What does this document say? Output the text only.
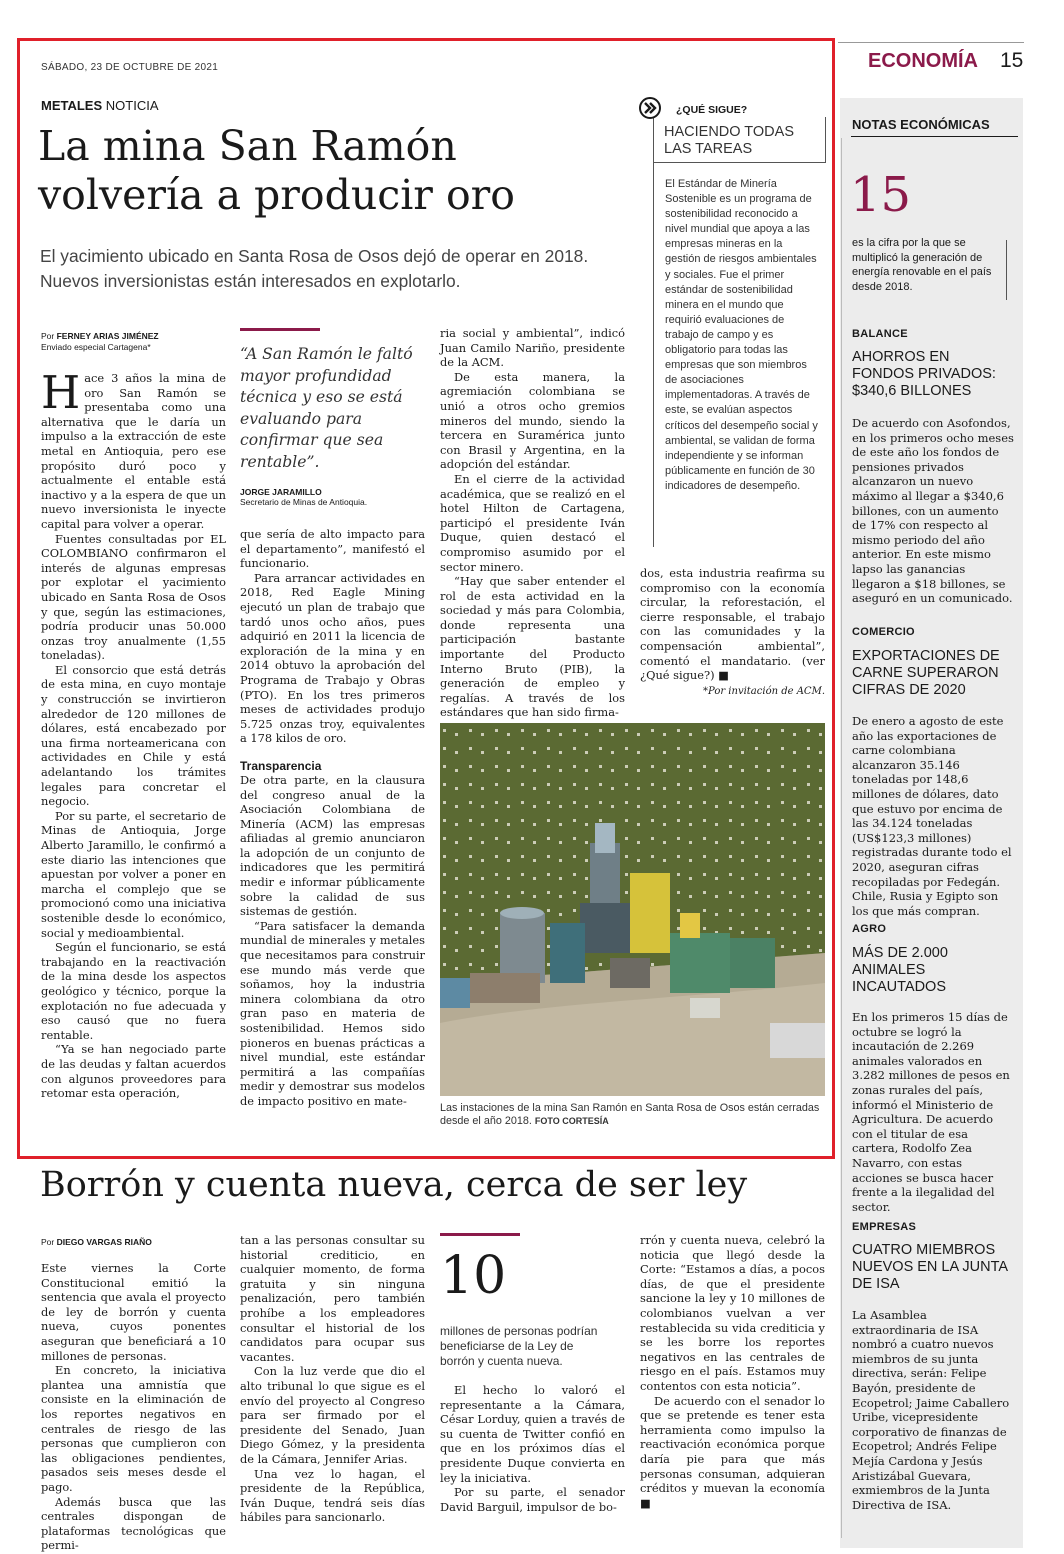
ECONOMÍA 15
SÁBADO, 23 DE OCTUBRE DE 2021
METALES NOTICIA
La mina San Ramón
volvería a producir oro
El yacimiento ubicado en Santa Rosa de Osos dejó de operar en 2018. Nuevos inversionistas están interesados en explotarlo.
Por FERNEY ARIAS JIMÉNEZ
Enviado especial Cartagena*
H ace 3 años la mina de oro San Ramón se presentaba como una alternativa que le daría un impulso a la extracción de este metal en Antioquia, pero ese propósito duró poco y actualmente el entable está inactivo y a la espera de que un nuevo inversionista le inyecte capital para volver a operar.

Fuentes consultadas por EL COLOMBIANO confirmaron el interés de algunas empresas por explotar el yacimiento ubicado en Santa Rosa de Osos y que, según las estimaciones, podría producir unas 50.000 onzas troy anualmente (1,55 toneladas).

El consorcio que está detrás de esta mina, en cuyo montaje y construcción se invirtieron alrededor de 120 millones de dólares, está encabezado por una firma norteamericana con actividades en Chile y está adelantando los trámites legales para concretar el negocio.

Por su parte, el secretario de Minas de Antioquia, Jorge Alberto Jaramillo, le confirmó a este diario las intenciones que apuestan por volver a poner en marcha el complejo que se promocionó como una iniciativa sostenible desde lo económico, social y medioambiental.

Según el funcionario, se está trabajando en la reactivación de la mina desde los aspectos geológico y técnico, porque la explotación no fue adecuada y eso causó que no fuera rentable.

“Ya se han negociado parte de las deudas y faltan acuerdos con algunos proveedores para retomar esta operación,

“A San Ramón le faltó mayor profundidad técnica y eso se está evaluando para confirmar que sea rentable”.
JORGE JARAMILLO
Secretario de Minas de Antioquia.

que sería de alto impacto para el departamento”, manifestó el funcionario.

Para arrancar actividades en 2018, Red Eagle Mining ejecutó un plan de trabajo que tardó unos ocho años, pues adquirió en 2011 la licencia de exploración de la mina y en 2014 obtuvo la aprobación del Programa de Trabajo y Obras (PTO). En los tres primeros meses de actividades produjo 5.725 onzas troy, equivalentes a 178 kilos de oro.

Transparencia

De otra parte, en la clausura del congreso anual de la Asociación Colombiana de Minería (ACM) las empresas afiliadas al gremio anunciaron la adopción de un conjunto de indicadores que les permitirá medir e informar públicamente sobre la calidad de sus sistemas de gestión.

“Para satisfacer la demanda mundial de minerales y metales que necesitamos para construir ese mundo más verde que soñamos, hoy la industria minera colombiana da otro gran paso en materia de sostenibilidad. Hemos sido pioneros en buenas prácticas a nivel mundial, este estándar permitirá a las compañías medir y demostrar sus modelos de impacto positivo en mate-

ria social y ambiental”, indicó Juan Camilo Nariño, presidente de la ACM.

De esta manera, la agremiación colombiana se unió a otros ocho gremios mineros del mundo, siendo la tercera en Suramérica junto con Brasil y Argentina, en la adopción del estándar.

En el cierre de la actividad académica, que se realizó en el hotel Hilton de Cartagena, participó el presidente Iván Duque, quien destacó el compromiso asumido por el sector minero.

“Hay que saber entender el rol de esta actividad en la sociedad y más para Colombia, donde representa una participación bastante importante del Producto Interno Bruto (PIB), la generación de empleo y regalías. A través de los estándares que han sido firma-

dos, esta industria reafirma su compromiso con la economía circular, la reforestación, el cierre responsable, el trabajo con las comunidades y la compensación ambiental”, comentó el mandatario. (ver ¿Qué sigue?) ■

*Por invitación de ACM.
¿QUÉ SIGUE?
HACIENDO TODAS
LAS TAREAS
El Estándar de Minería Sostenible es un programa de sostenibilidad reconocido a nivel mundial que apoya a las empresas mineras en la gestión de riesgos ambientales y sociales. Fue el primer estándar de sostenibilidad minera en el mundo que requirió evaluaciones de trabajo de campo y es obligatorio para todas las empresas que son miembros de asociaciones implementadoras. A través de este, se evalúan aspectos críticos del desempeño social y ambiental, se validan de forma independiente y se informan públicamente en función de 30 indicadores de desempeño.
Las instaciones de la mina San Ramón en Santa Rosa de Osos están cerradas desde el año 2018. FOTO CORTESÍA
NOTAS ECONÓMICAS
15
es la cifra por la que se multiplicó la generación de energía renovable en el país desde 2018.
BALANCE
AHORROS EN FONDOS PRIVADOS: $340,6 BILLONES
De acuerdo con Asofondos, en los primeros ocho meses de este año los fondos de pensiones privados alcanzaron un nuevo máximo al llegar a $340,6 billones, con un aumento de 17% con respecto al mismo periodo del año anterior. En este mismo lapso las ganancias llegaron a $18 billones, se aseguró en un comunicado.
COMERCIO
EXPORTACIONES DE CARNE SUPERARON CIFRAS DE 2020
De enero a agosto de este año las exportaciones de carne colombiana alcanzaron 35.146 toneladas por 148,6 millones de dólares, dato que estuvo por encima de las 34.124 toneladas (US$123,3 millones) registradas durante todo el 2020, aseguran cifras recopiladas por Fedegán. Chile, Rusia y Egipto son los que más compran.
AGRO
MÁS DE 2.000 ANIMALES INCAUTADOS
En los primeros 15 días de octubre se logró la incautación de 2.269 animales valorados en 3.282 millones de pesos en zonas rurales del país, informó el Ministerio de Agricultura. De acuerdo con el titular de esa cartera, Rodolfo Zea Navarro, con estas acciones se busca hacer frente a la ilegalidad del sector.
EMPRESAS
CUATRO MIEMBROS NUEVOS EN LA JUNTA DE ISA
La Asamblea extraordinaria de ISA nombró a cuatro nuevos miembros de su junta directiva, serán: Felipe Bayón, presidente de Ecopetrol; Jaime Caballero Uribe, vicepresidente corporativo de finanzas de Ecopetrol; Andrés Felipe Mejía Cardona y Jesús Aristizábal Guevara, exmiembros de la Junta Directiva de ISA.
Borrón y cuenta nueva, cerca de ser ley
Por DIEGO VARGAS RIAÑO

Este viernes la Corte Constitucional emitió la sentencia que avala el proyecto de ley de borrón y cuenta nueva, cuyos ponentes aseguran que beneficiará a 10 millones de personas.

En concreto, la iniciativa plantea una amnistía que consiste en la eliminación de los reportes negativos en centrales de riesgo de las personas que cumplieron con las obligaciones pendientes, pasados seis meses desde el pago.

Además busca que las centrales dispongan de plataformas tecnológicas que permi-

tan a las personas consultar su historial crediticio, en cualquier momento, de forma gratuita y sin ninguna penalización, pero también prohíbe a los empleadores consultar el historial de los candidatos para ocupar sus vacantes.

Con la luz verde que dio el alto tribunal lo que sigue es el envío del proyecto al Congreso para ser firmado por el presidente del Senado, Juan Diego Gómez, y la presidenta de la Cámara, Jennifer Arias.

Una vez lo hagan, el presidente de la República, Iván Duque, tendrá seis días hábiles para sancionarlo.

10
millones de personas podrían beneficiarse de la Ley de borrón y cuenta nueva.

El hecho lo valoró el representante a la Cámara, César Lorduy, quien a través de su cuenta de Twitter confió en que en los próximos días el presidente Duque convierta en ley la iniciativa.

Por su parte, el senador David Barguil, impulsor de bo-

rrón y cuenta nueva, celebró la noticia que llegó desde la Corte: “Estamos a días, a pocos días, de que el presidente sancione la ley y 10 millones de colombianos vuelvan a ver restablecida su vida crediticia y se les borre los reportes negativos en las centrales de riesgo en el país. Estamos muy contentos con esta noticia”.

De acuerdo con el senador lo que se pretende es tener esta herramienta como impulso la reactivación económica porque daría pie para que más personas consuman, adquieran créditos y muevan la economía ■
